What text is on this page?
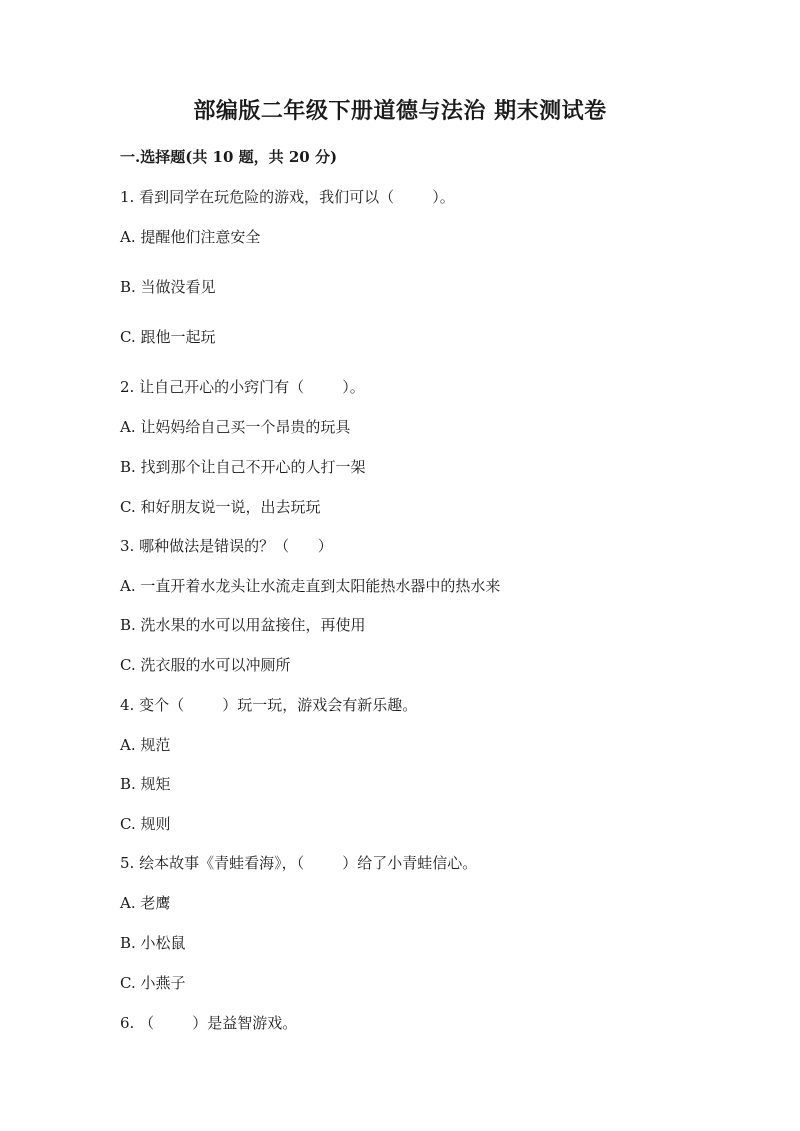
部编版二年级下册道德与法治 期末测试卷
一.选择题(共 10 题，共 20 分)
1. 看到同学在玩危险的游戏，我们可以（        ）。
A. 提醒他们注意安全
B. 当做没看见
C. 跟他一起玩
2. 让自己开心的小窍门有（        ）。
A. 让妈妈给自己买一个昂贵的玩具
B. 找到那个让自己不开心的人打一架
C. 和好朋友说一说，出去玩玩
3. 哪种做法是错误的？（      ）
A. 一直开着水龙头让水流走直到太阳能热水器中的热水来
B. 洗水果的水可以用盆接住，再使用
C. 洗衣服的水可以冲厕所
4. 变个（        ）玩一玩，游戏会有新乐趣。
A. 规范
B. 规矩
C. 规则
5. 绘本故事《青蛙看海》，（        ）给了小青蛙信心。
A. 老鹰
B. 小松鼠
C. 小燕子
6. （        ）是益智游戏。
